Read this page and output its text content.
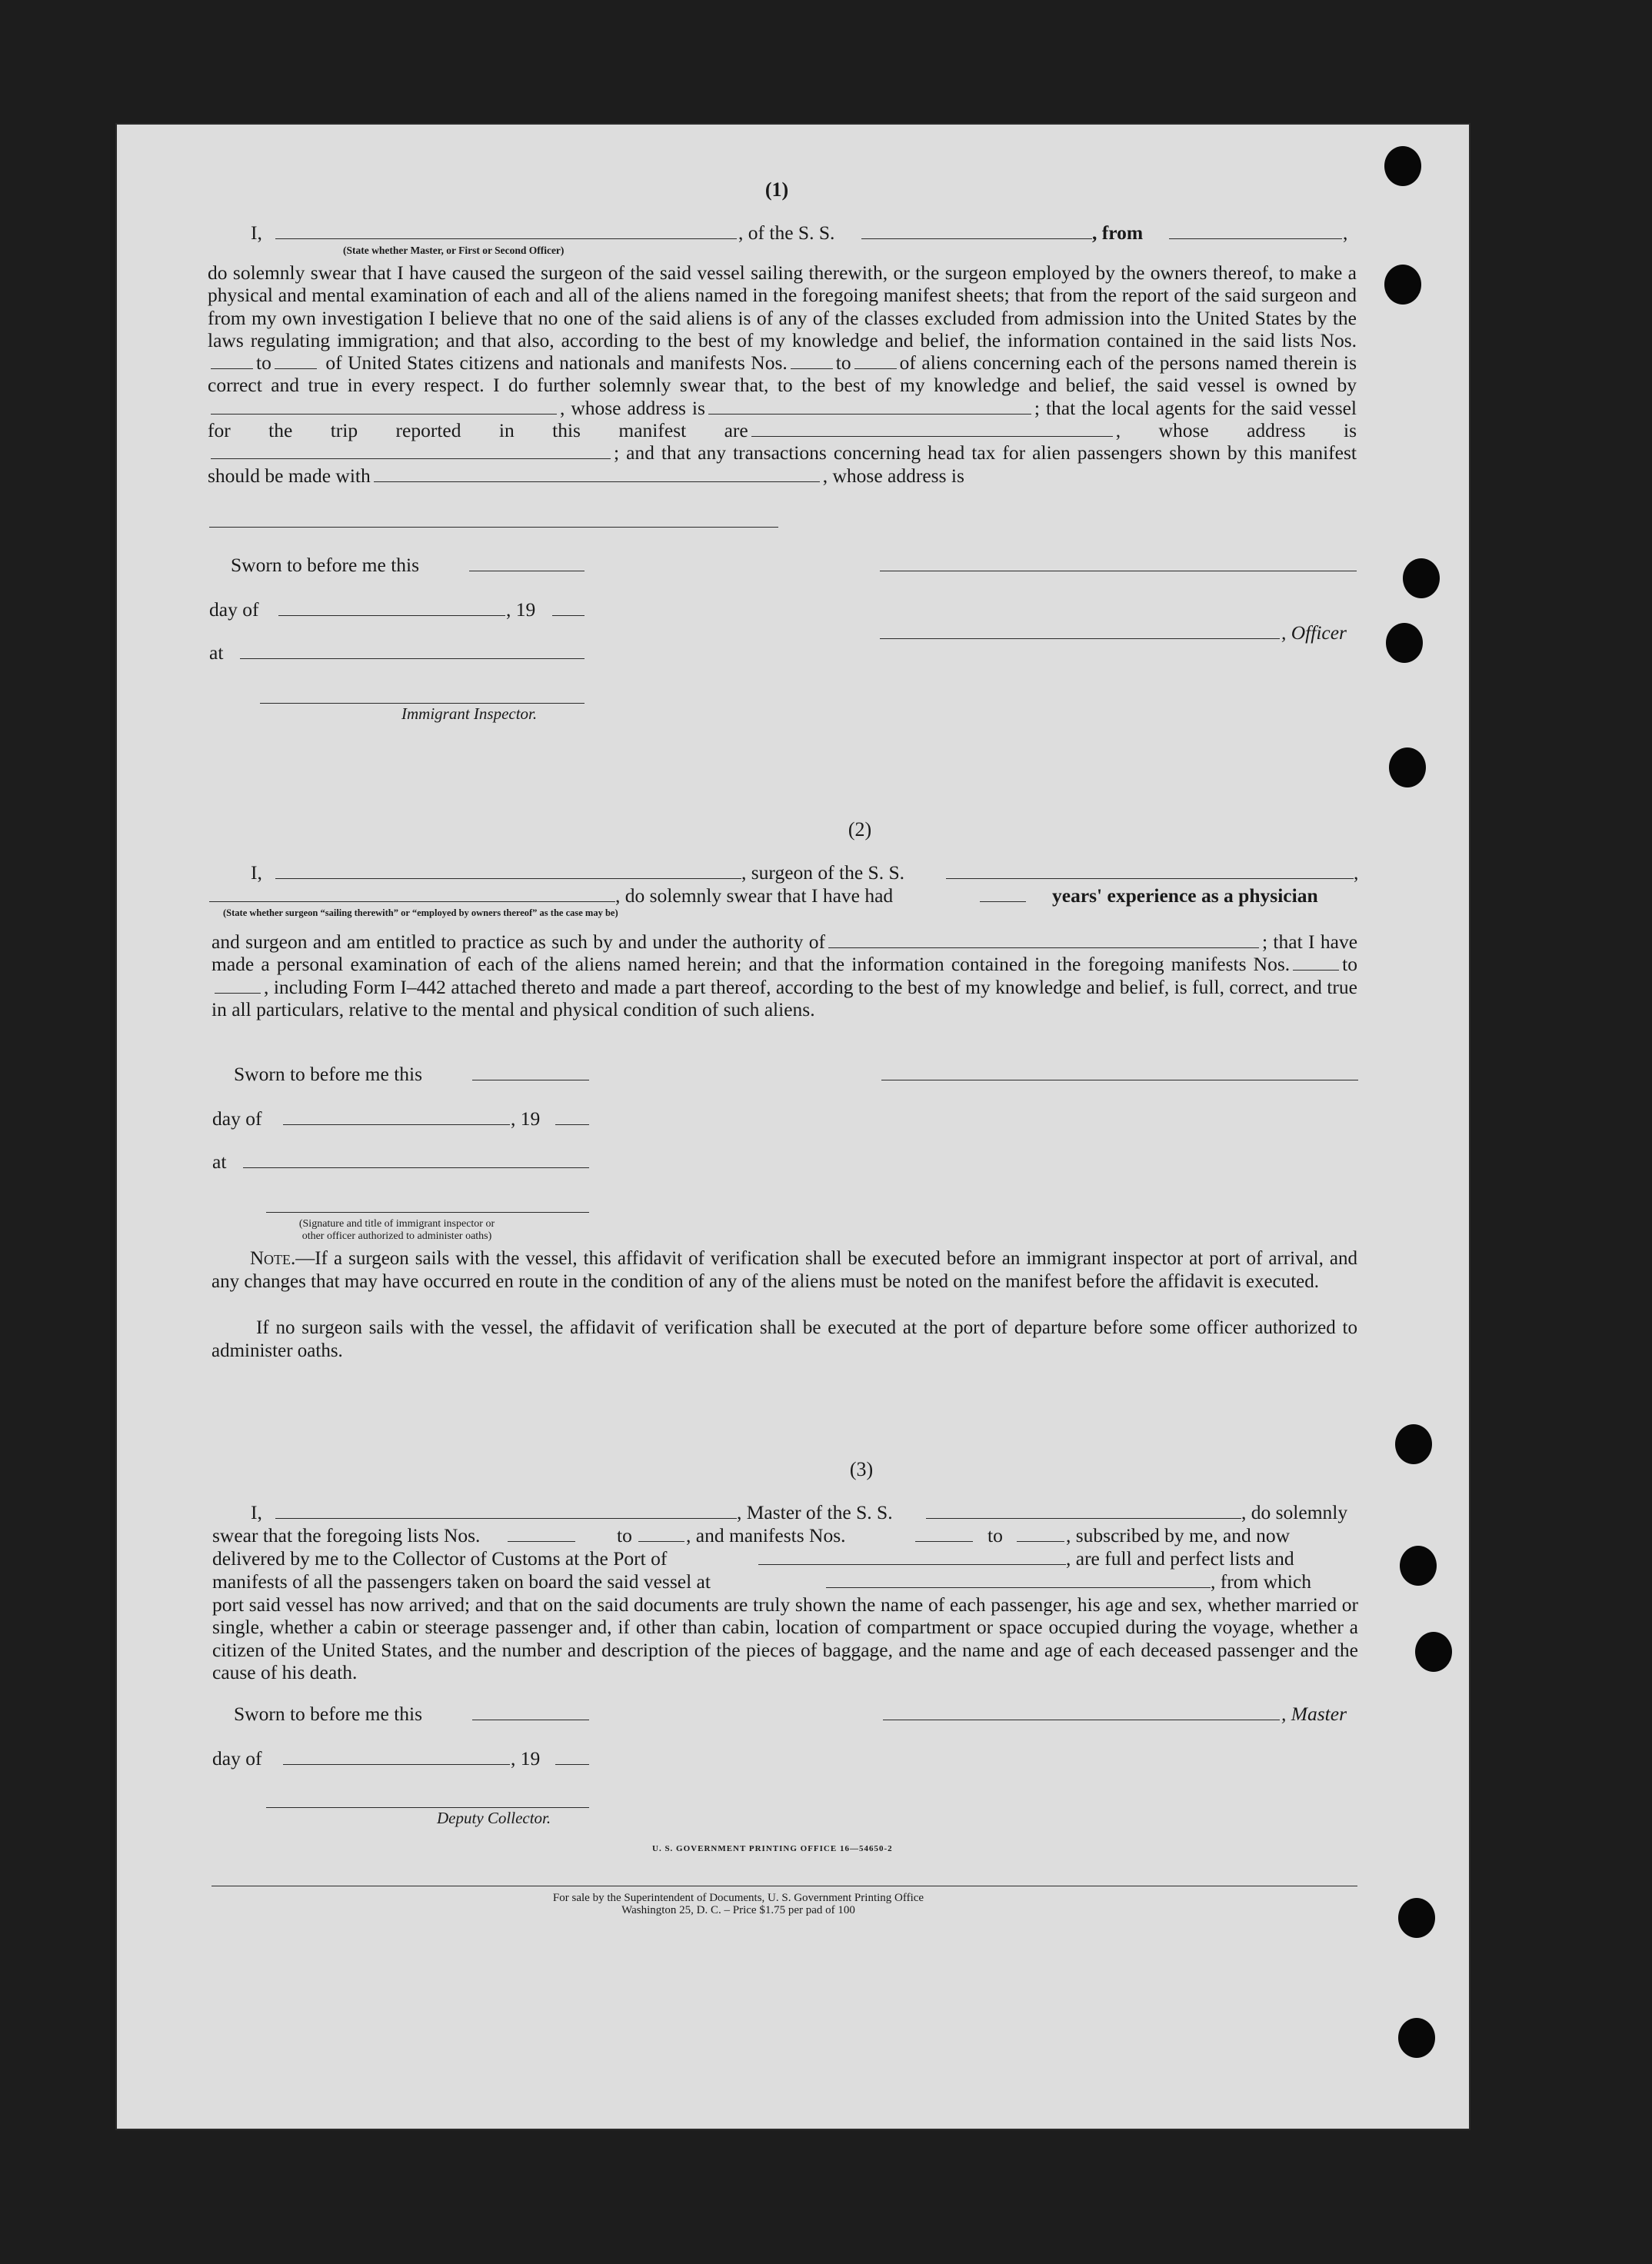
(1)
I,	, of the S. S.	, from	,
(State whether Master, or First or Second Officer)
do solemnly swear that I have caused the surgeon of the said vessel sailing therewith, or the surgeon employed by the owners thereof, to make a physical and mental examination of each and all of the aliens named in the foregoing manifest sheets; that from the report of the said surgeon and from my own investigation I believe that no one of the said aliens is of any of the classes excluded from admission into the United States by the laws regulating immigration; and that also, according to the best of my knowledge and belief, the information contained in the said lists Nos.to	of United States citizens and nationals and manifests Nos. to of aliens concerning each of the persons named therein is correct and true in every respect. I do further solemnly swear that, to the best of my knowledge and belief, the said vessel is owned by, whose address is	; that the local agents for the said vessel for the trip reported in this manifest are	, whose address is; and that any transactions concerning head tax for alien passengers shown by this manifest should be made with	, whose address is
Sworn to before me this
day of	, 19
, Officer
at
Immigrant Inspector.
(2)
I,	, surgeon of the S. S.	,
, do solemnly swear that I have had	years' experience as a physician
(State whether surgeon “sailing therewith” or “employed by owners thereof” as the case may be)
and surgeon and am entitled to practice as such by and under the authority of	; that I have made a personal examination of each of the aliens named herein; and that the information contained in the foregoing manifests Nos.	to, including Form I–442 attached thereto and made a part thereof, according to the best of my knowledge and belief, is full, correct, and true in all particulars, relative to the mental and physical condition of such aliens.
Sworn to before me this
day of	, 19
at
(Signature and title of immigrant inspector or
other officer authorized to administer oaths)
Note.—If a surgeon sails with the vessel, this affidavit of verification shall be executed before an immigrant inspector at port of arrival, and any changes that may have occurred en route in the condition of any of the aliens must be noted on the manifest before the affidavit is executed.
If no surgeon sails with the vessel, the affidavit of verification shall be executed at the port of departure before some officer authorized to administer oaths.
(3)
I,	, Master of the S. S.	, do solemnly
swear that the foregoing lists Nos.	to	, and manifests Nos.	to	, subscribed by me, and now
delivered by me to the Collector of Customs at the Port of	, are full and perfect lists and
manifests of all the passengers taken on board the said vessel at	, from which
port said vessel has now arrived; and that on the said documents are truly shown the name of each passenger, his age and sex, whether married or single, whether a cabin or steerage passenger and, if other than cabin, location of compartment or space occupied during the voyage, whether a citizen of the United States, and the number and description of the pieces of baggage, and the name and age of each deceased passenger and the cause of his death.
Sworn to before me this	, Master
day of	, 19
Deputy Collector.
U. S. GOVERNMENT PRINTING OFFICE 16—54650-2
For sale by the Superintendent of Documents, U. S. Government Printing Office
Washington 25, D. C. – Price $1.75 per pad of 100
